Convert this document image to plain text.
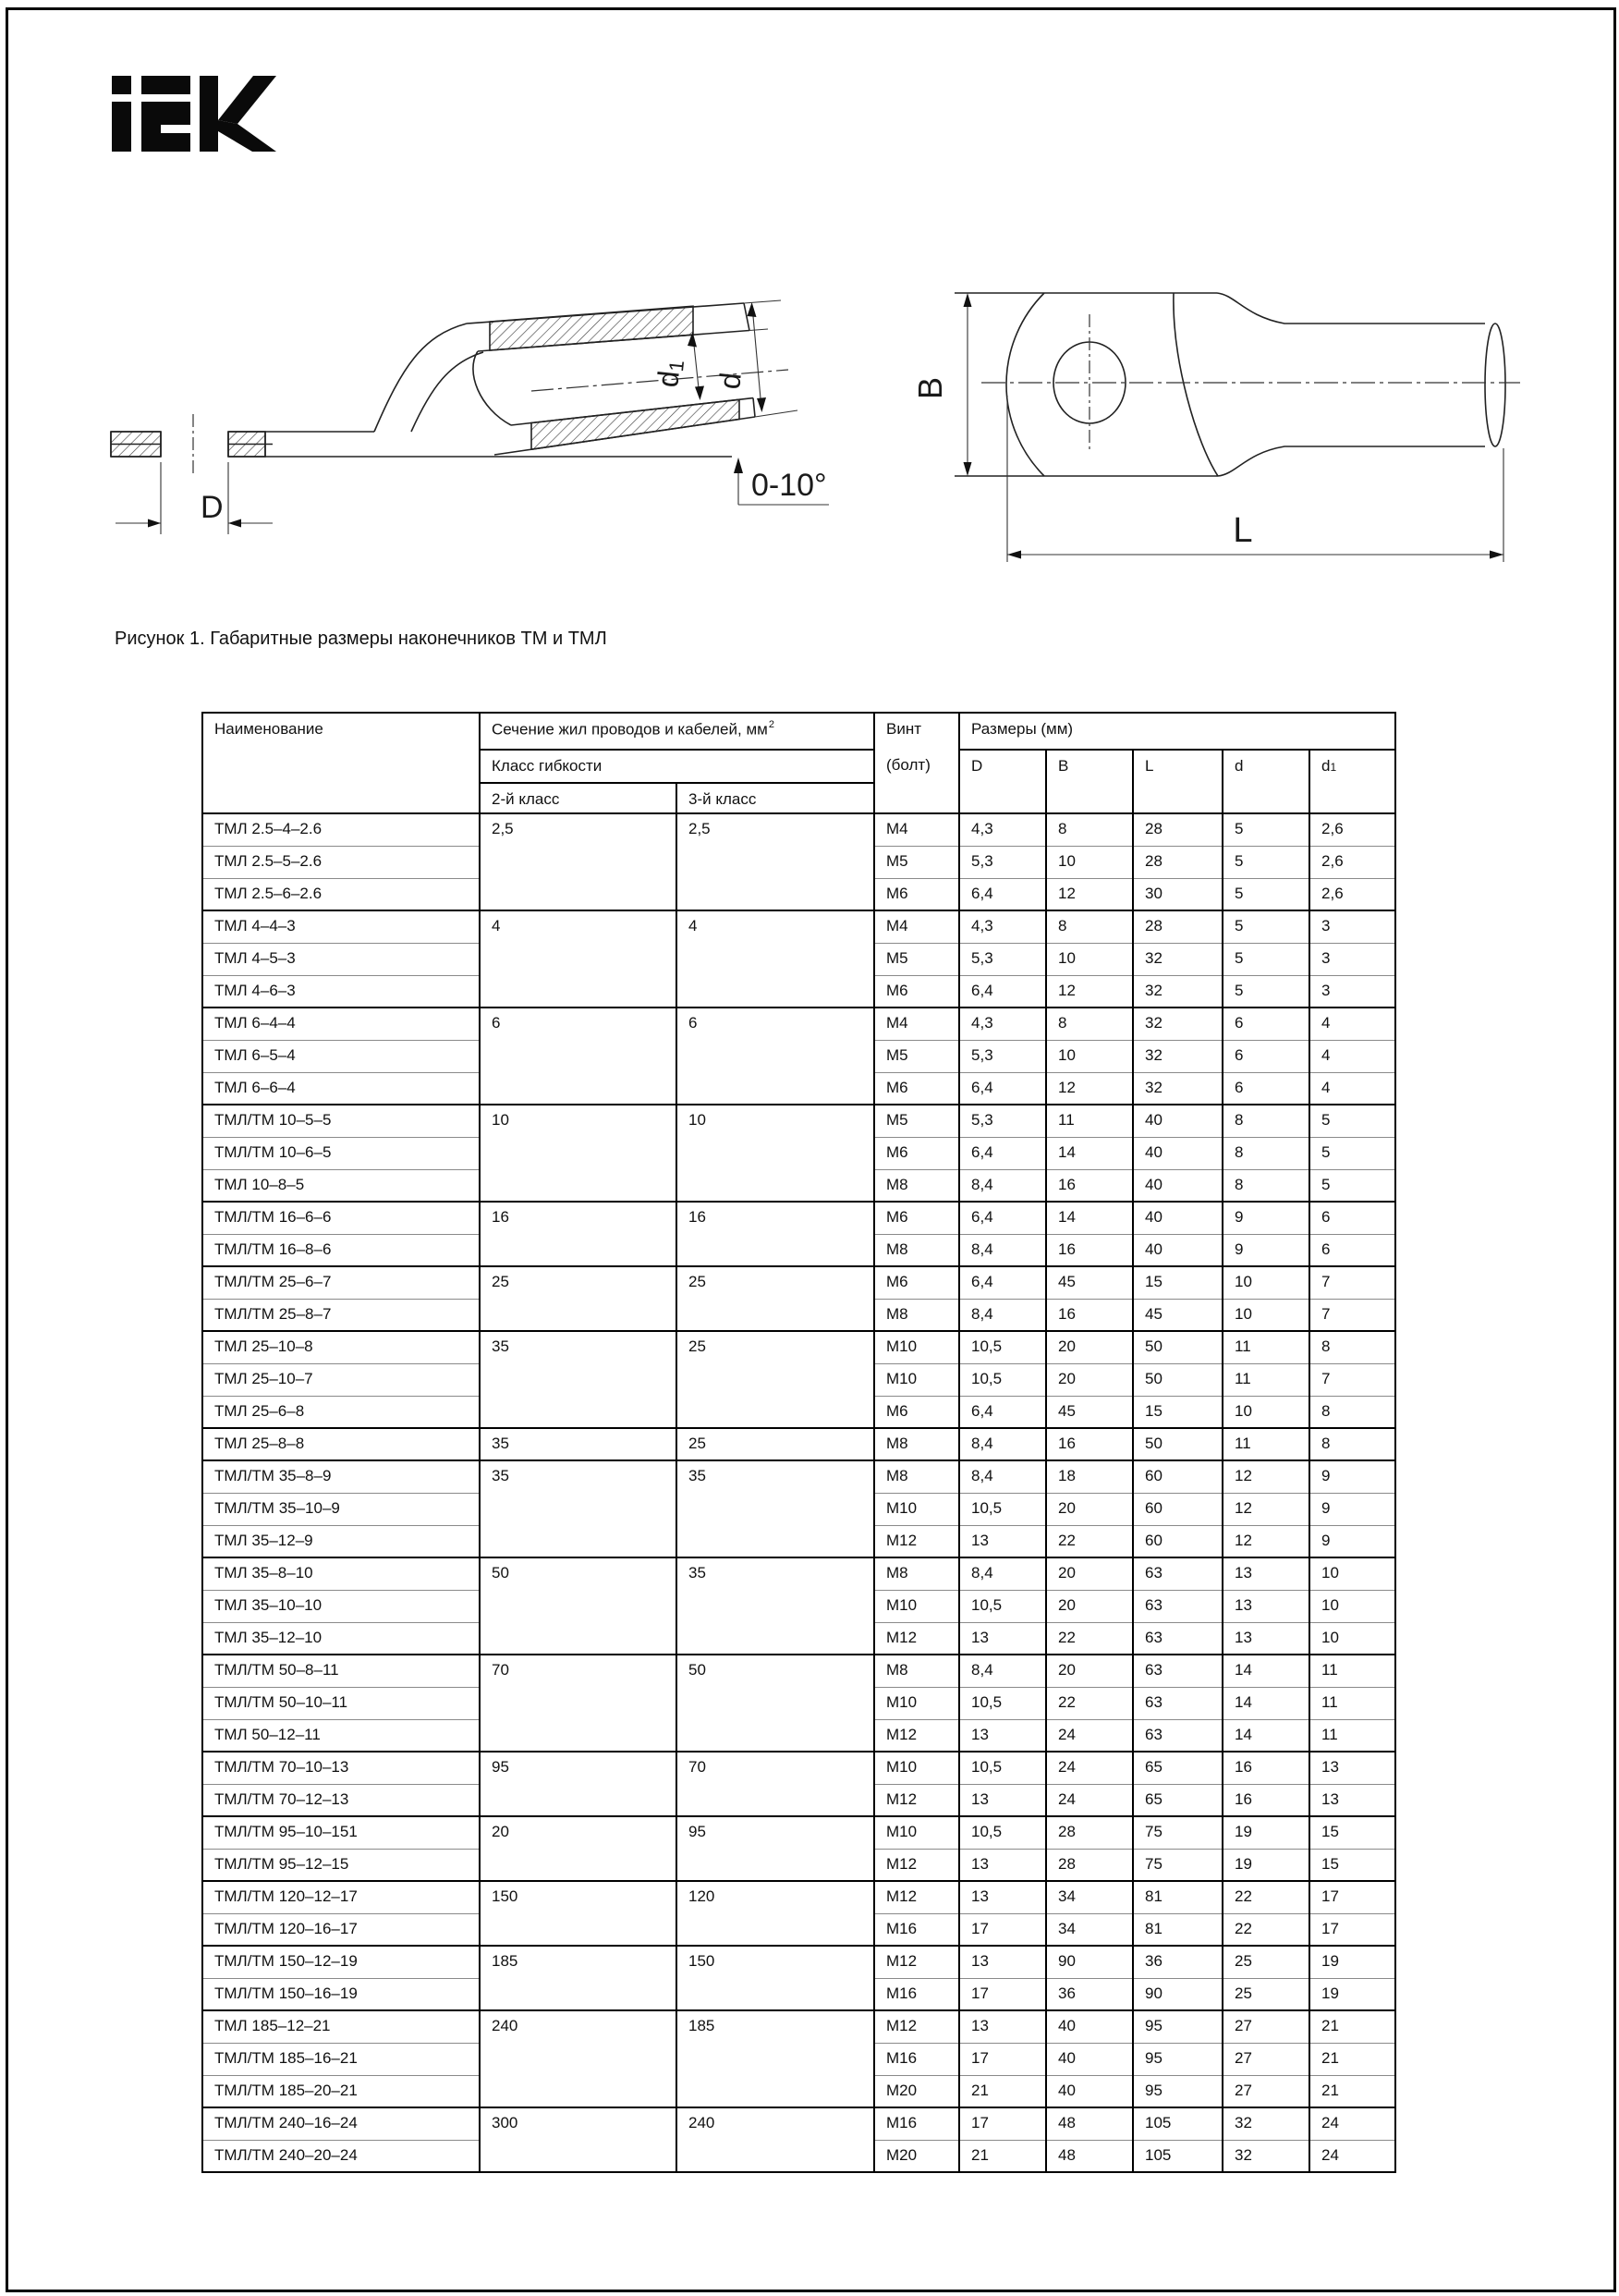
D
d1
d
0-10°
B
L
Рисунок 1. Габаритные размеры наконечников ТМ и ТМЛ
Наименование	Сечение жил проводов и кабелей, $мм^2$		Винт
(болт)	Размеры (мм)				
	Класс гибкости			D	B	L	d	d1
	2-й класс	3-й класс						
ТМЛ 2.5–4–2.6	2,5	2,5	М4	4,3	8	28	5	2,6
ТМЛ 2.5–5–2.6			М5	5,3	10	28	5	2,6
ТМЛ 2.5–6–2.6			М6	6,4	12	30	5	2,6
ТМЛ 4–4–3	4	4	М4	4,3	8	28	5	3
ТМЛ 4–5–3			М5	5,3	10	32	5	3
ТМЛ 4–6–3			М6	6,4	12	32	5	3
ТМЛ 6–4–4	6	6	М4	4,3	8	32	6	4
ТМЛ 6–5–4			М5	5,3	10	32	6	4
ТМЛ 6–6–4			М6	6,4	12	32	6	4
ТМЛ/ТМ 10–5–5	10	10	М5	5,3	11	40	8	5
ТМЛ/ТМ 10–6–5			М6	6,4	14	40	8	5
ТМЛ 10–8–5			М8	8,4	16	40	8	5
ТМЛ/ТМ 16–6–6	16	16	М6	6,4	14	40	9	6
ТМЛ/ТМ 16–8–6			М8	8,4	16	40	9	6
ТМЛ/ТМ 25–6–7	25	25	М6	6,4	45	15	10	7
ТМЛ/ТМ 25–8–7			М8	8,4	16	45	10	7
ТМЛ 25–10–8	35	25	М10	10,5	20	50	11	8
ТМЛ 25–10–7			М10	10,5	20	50	11	7
ТМЛ 25–6–8			М6	6,4	45	15	10	8
ТМЛ 25–8–8	35	25	М8	8,4	16	50	11	8
ТМЛ/ТМ 35–8–9	35	35	М8	8,4	18	60	12	9
ТМЛ/ТМ 35–10–9			М10	10,5	20	60	12	9
ТМЛ 35–12–9			М12	13	22	60	12	9
ТМЛ 35–8–10	50	35	М8	8,4	20	63	13	10
ТМЛ 35–10–10			М10	10,5	20	63	13	10
ТМЛ 35–12–10			М12	13	22	63	13	10
ТМЛ/ТМ 50–8–11	70	50	М8	8,4	20	63	14	11
ТМЛ/ТМ 50–10–11			М10	10,5	22	63	14	11
ТМЛ 50–12–11			М12	13	24	63	14	11
ТМЛ/ТМ 70–10–13	95	70	М10	10,5	24	65	16	13
ТМЛ/ТМ 70–12–13			М12	13	24	65	16	13
ТМЛ/ТМ 95–10–151	20	95	М10	10,5	28	75	19	15
ТМЛ/ТМ 95–12–15			М12	13	28	75	19	15
ТМЛ/ТМ 120–12–17	150	120	М12	13	34	81	22	17
ТМЛ/ТМ 120–16–17			М16	17	34	81	22	17
ТМЛ/ТМ 150–12–19	185	150	М12	13	90	36	25	19
ТМЛ/ТМ 150–16–19			М16	17	36	90	25	19
ТМЛ 185–12–21	240	185	М12	13	40	95	27	21
ТМЛ/ТМ 185–16–21			М16	17	40	95	27	21
ТМЛ/ТМ 185–20–21			М20	21	40	95	27	21
ТМЛ/ТМ 240–16–24	300	240	М16	17	48	105	32	24
ТМЛ/ТМ 240–20–24			М20	21	48	105	32	24
